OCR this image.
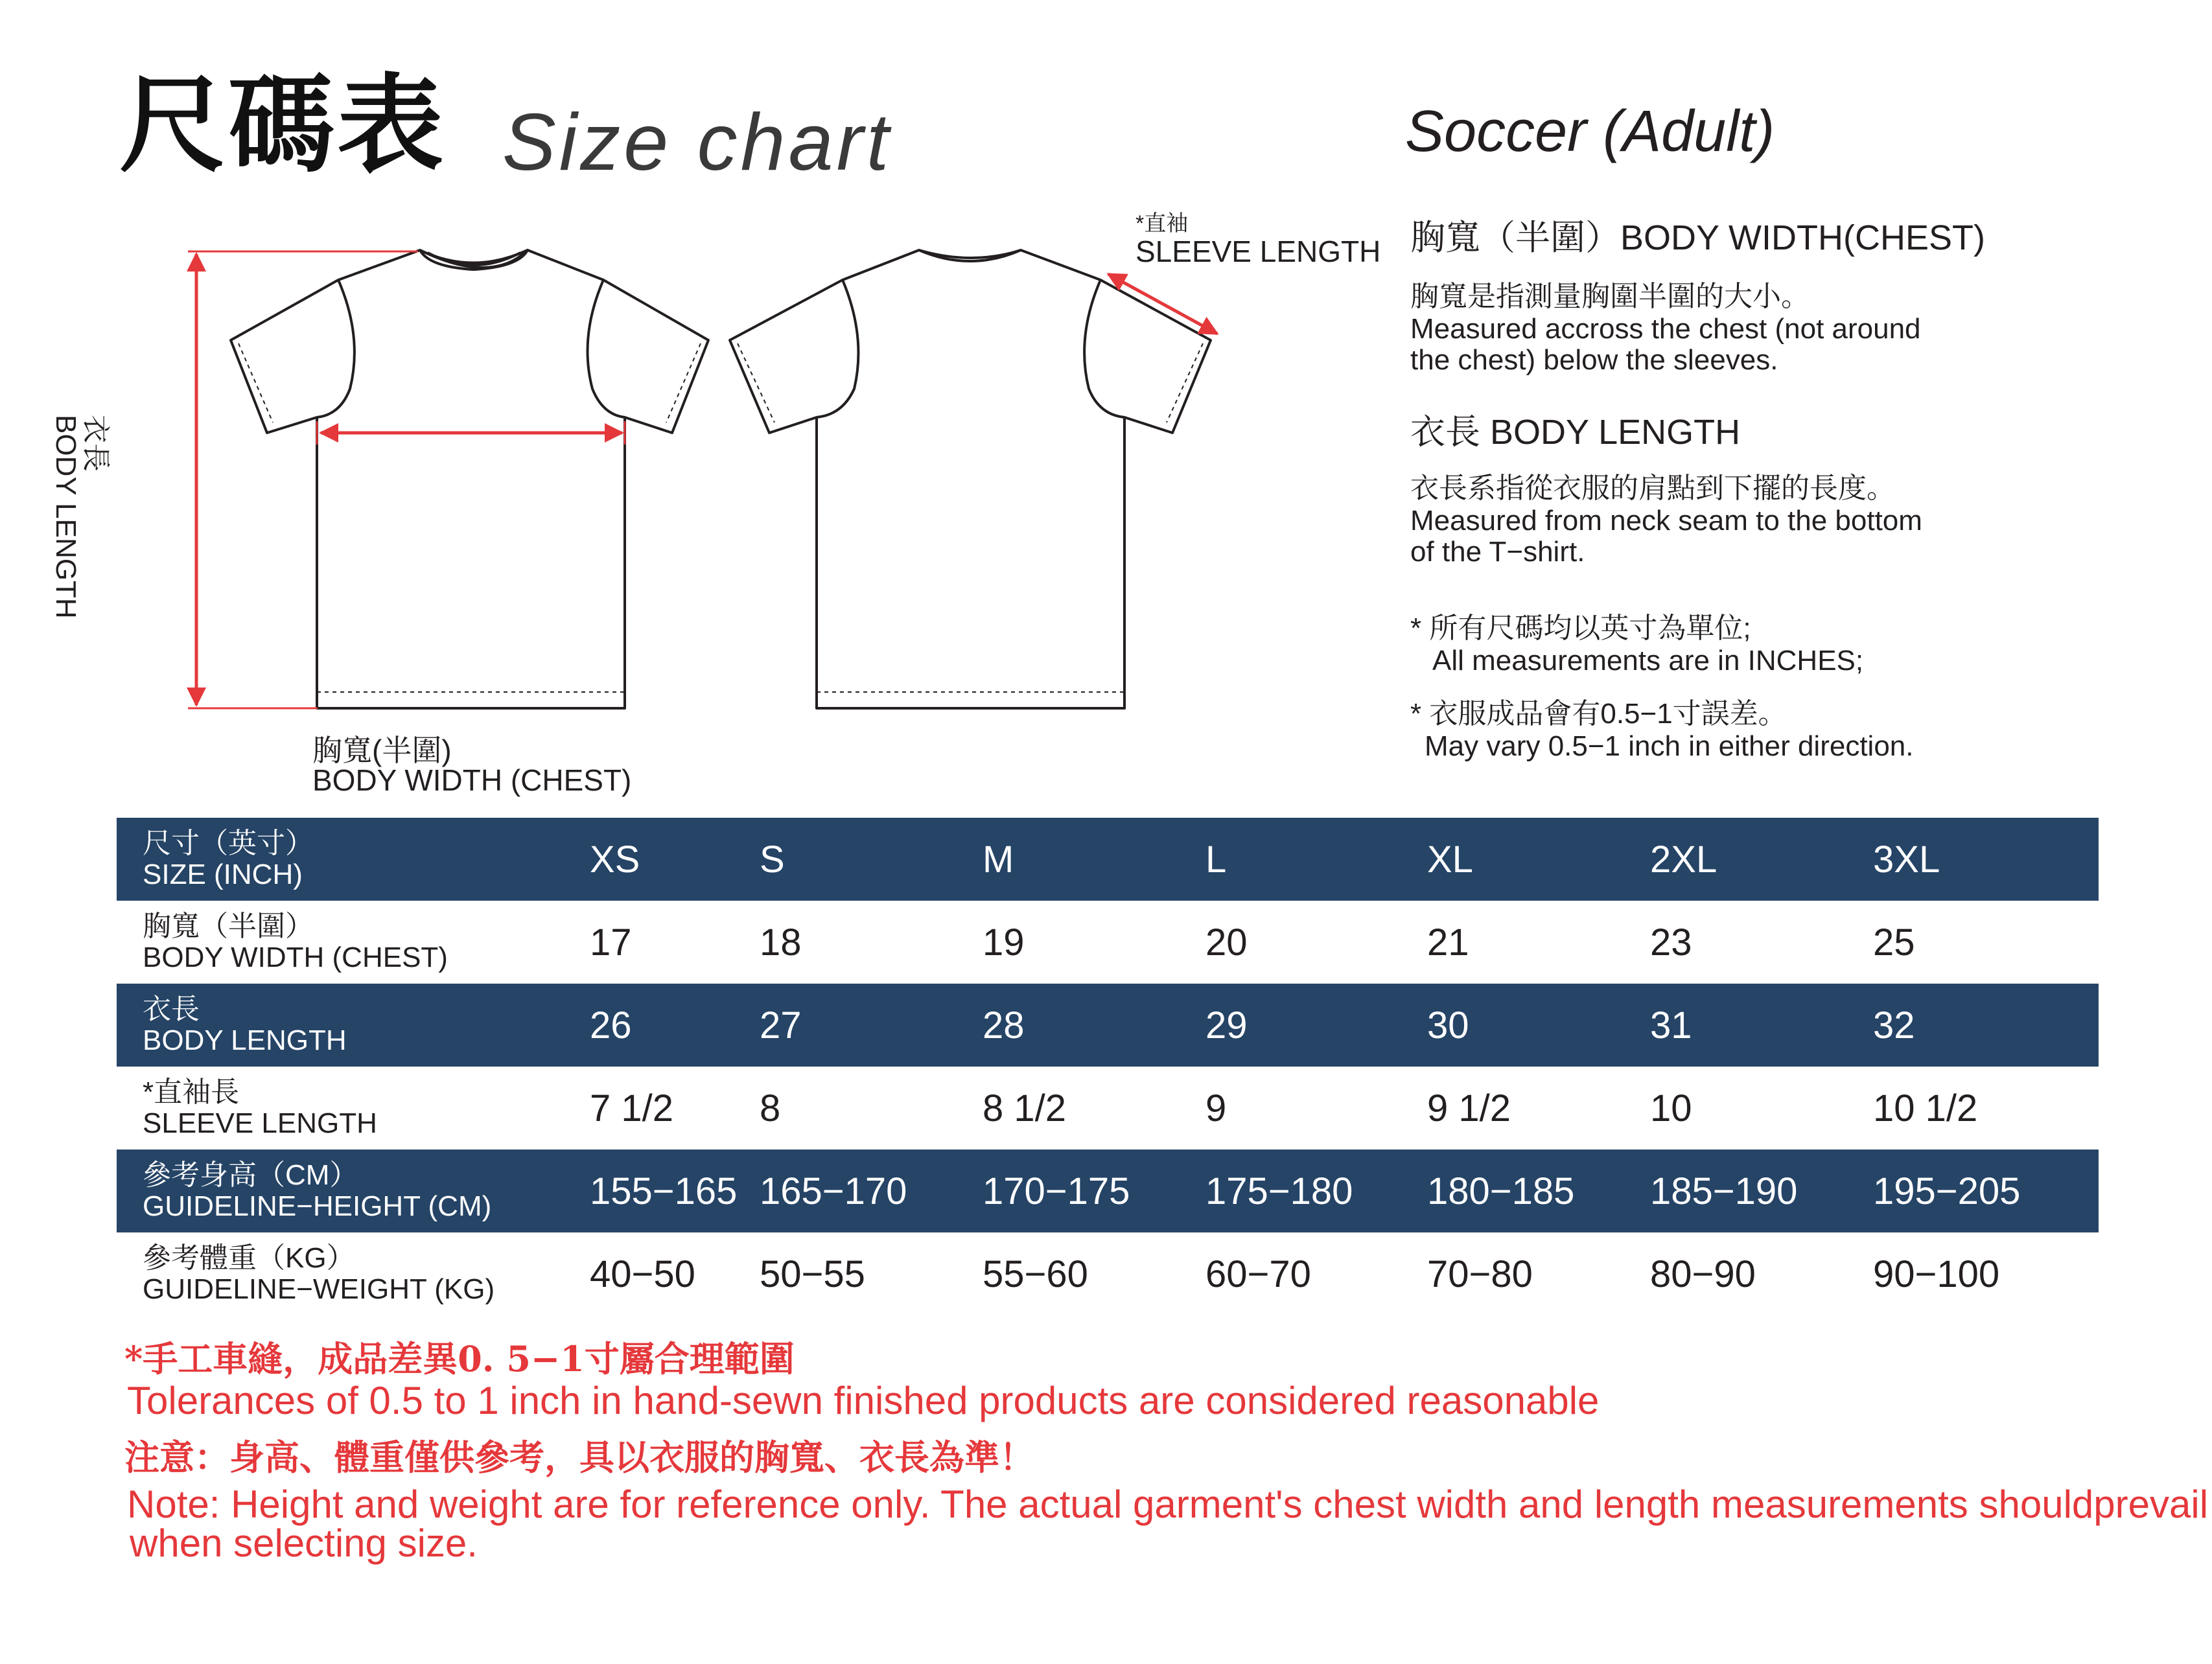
尺碼表 Size chart	Soccer (Adult)
*直袖
SLEEVE LENGTH
衣長
BODY LENGTH
胸寬(半圍)
BODY WIDTH (CHEST)
胸寬（半圍）BODY WIDTH(CHEST)
胸寬是指測量胸圍半圍的大小。
Measured accross the chest (not around
the chest) below the sleeves.
衣長 BODY LENGTH
衣長系指從衣服的肩點到下擺的長度。
Measured from neck seam to the bottom
of the T−shirt.
* 所有尺碼均以英寸為單位;
All measurements are in INCHES;
* 衣服成品會有0.5−1寸誤差。
May vary 0.5−1 inch in either direction.
尺寸（英寸）
SIZE (INCH)	XS	S	M	L	XL	2XL	3XL

胸寬（半圍）
BODY WIDTH (CHEST)	17	18	19	20	21	23	25

衣長
BODY LENGTH	26	27	28	29	30	31	32

*直袖長
SLEEVE LENGTH	7 1/2	8	8 1/2	9	9 1/2	10	10 1/2

參考身高（CM）
GUIDELINE−HEIGHT (CM)	155−165	165−170	170−175	175−180	180−185	185−190	195−205

參考體重（KG）
GUIDELINE−WEIGHT (KG)	40−50	50−55	55−60	60−70	70−80	80−90	90−100
*手工車縫，成品差異0. 5−1寸屬合理範圍
Tolerances of 0.5 to 1 inch in hand-sewn finished products are considered reasonable
注意：身高、體重僅供參考，具以衣服的胸寬、衣長為準！
Note: Height and weight are for reference only. The actual garment's chest width and length measurements shouldprevail
when selecting size.
